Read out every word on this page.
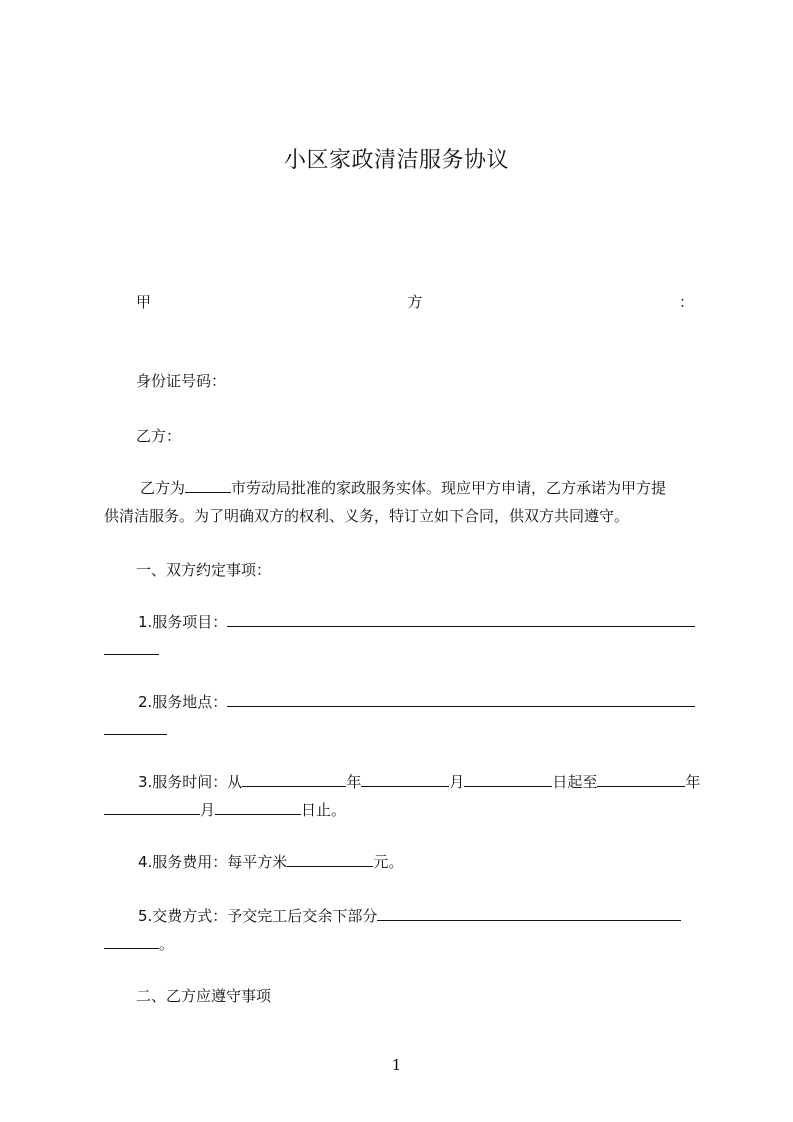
小区家政清洁服务协议
甲	方	：
身份证号码：
乙方：
乙方为	市劳动局批准的家政服务实体。现应甲方申请，乙方承诺为甲方提
供清洁服务。为了明确双方的权利、义务，特订立如下合同，供双方共同遵守。
一、双方约定事项：
1.服务项目：
2.服务地点：
3.服务时间：从	年	月	日起至	年
月	日止。
4.服务费用：每平方米	元。
5.交费方式：予交完工后交余下部分
。
二、乙方应遵守事项
1
